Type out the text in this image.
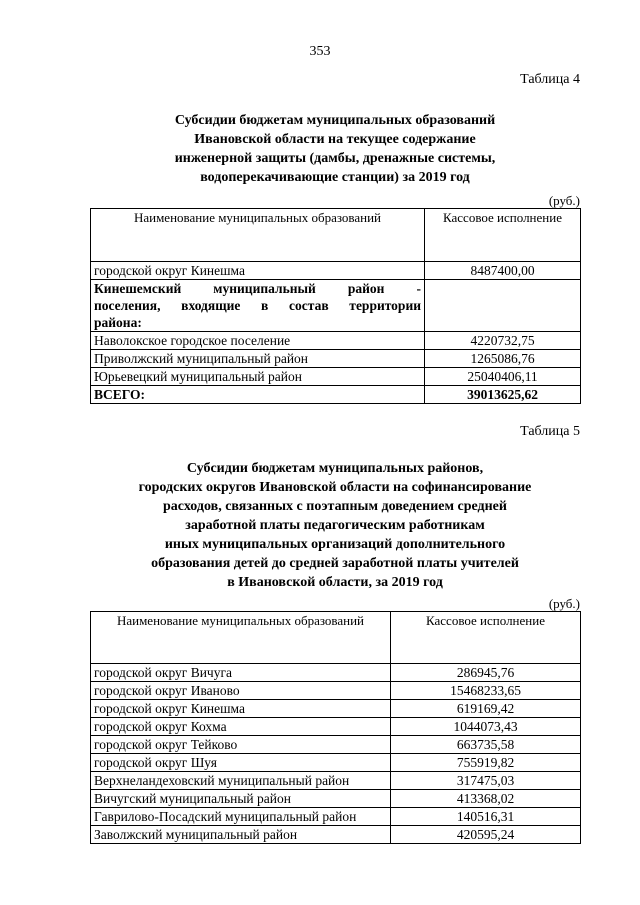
353
Таблица 4
Субсидии бюджетам муниципальных образований
Ивановской области на текущее содержание
инженерной защиты (дамбы, дренажные системы,
водоперекачивающие станции) за 2019 год
(руб.)
Наименование муниципальных образований	Кассовое исполнение
городской округ Кинешма	8487400,00

Кинешемский муниципальный район -
поселения, входящие в состав территории
района:	

Наволокское городское поселение	4220732,75
Приволжский муниципальный район	1265086,76
Юрьевецкий муниципальный район	25040406,11
ВСЕГО:	39013625,62
Таблица 5
Субсидии бюджетам муниципальных районов,
городских округов Ивановской области на софинансирование
расходов, связанных с поэтапным доведением средней
заработной платы педагогическим работникам
иных муниципальных организаций дополнительного
образования детей до средней заработной платы учителей
в Ивановской области, за 2019 год
(руб.)
Наименование муниципальных образований	Кассовое исполнение
городской округ Вичуга	286945,76
городской округ Иваново	15468233,65
городской округ Кинешма	619169,42
городской округ Кохма	1044073,43
городской округ Тейково	663735,58
городской округ Шуя	755919,82
Верхнеландеховский муниципальный район	317475,03
Вичугский муниципальный район	413368,02
Гаврилово-Посадский муниципальный район	140516,31
Заволжский муниципальный район	420595,24
